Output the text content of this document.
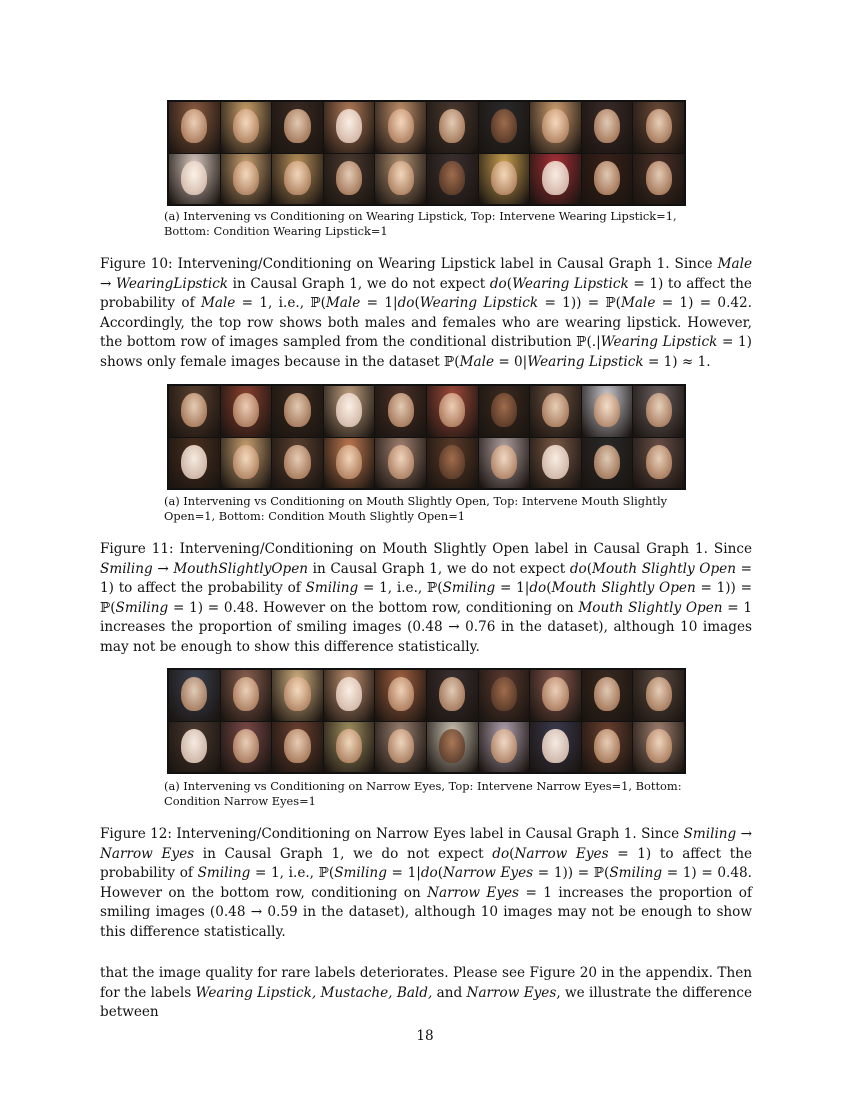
(a) Intervening vs Conditioning on Wearing Lipstick, Top: Intervene Wearing Lipstick=1, Bottom: Condition Wearing Lipstick=1
Figure 10: Intervening/Conditioning on Wearing Lipstick label in Causal Graph 1. Since Male → WearingLipstick in Causal Graph 1, we do not expect do(Wearing Lipstick = 1) to affect the probability of Male = 1, i.e., ℙ(Male = 1|do(Wearing Lipstick = 1)) = ℙ(Male = 1) = 0.42. Accordingly, the top row shows both males and females who are wearing lipstick. However, the bottom row of images sampled from the conditional distribution ℙ(.|Wearing Lipstick = 1) shows only female images because in the dataset ℙ(Male = 0|Wearing Lipstick = 1) ≈ 1.
(a) Intervening vs Conditioning on Mouth Slightly Open, Top: Intervene Mouth Slightly Open=1, Bottom: Condition Mouth Slightly Open=1
Figure 11: Intervening/Conditioning on Mouth Slightly Open label in Causal Graph 1. Since Smiling → MouthSlightlyOpen in Causal Graph 1, we do not expect do(Mouth Slightly Open = 1) to affect the probability of Smiling = 1, i.e., ℙ(Smiling = 1|do(Mouth Slightly Open = 1)) = ℙ(Smiling = 1) = 0.48. However on the bottom row, conditioning on Mouth Slightly Open = 1 increases the proportion of smiling images (0.48 → 0.76 in the dataset), although 10 images may not be enough to show this difference statistically.
(a) Intervening vs Conditioning on Narrow Eyes, Top: Intervene Narrow Eyes=1, Bottom: Condition Narrow Eyes=1
Figure 12: Intervening/Conditioning on Narrow Eyes label in Causal Graph 1. Since Smiling → Narrow Eyes in Causal Graph 1, we do not expect do(Narrow Eyes = 1) to affect the probability of Smiling = 1, i.e., ℙ(Smiling = 1|do(Narrow Eyes = 1)) = ℙ(Smiling = 1) = 0.48. However on the bottom row, conditioning on Narrow Eyes = 1 increases the proportion of smiling images (0.48 → 0.59 in the dataset), although 10 images may not be enough to show this difference statistically.
that the image quality for rare labels deteriorates. Please see Figure 20 in the appendix. Then for the labels Wearing Lipstick, Mustache, Bald, and Narrow Eyes, we illustrate the difference between
18
